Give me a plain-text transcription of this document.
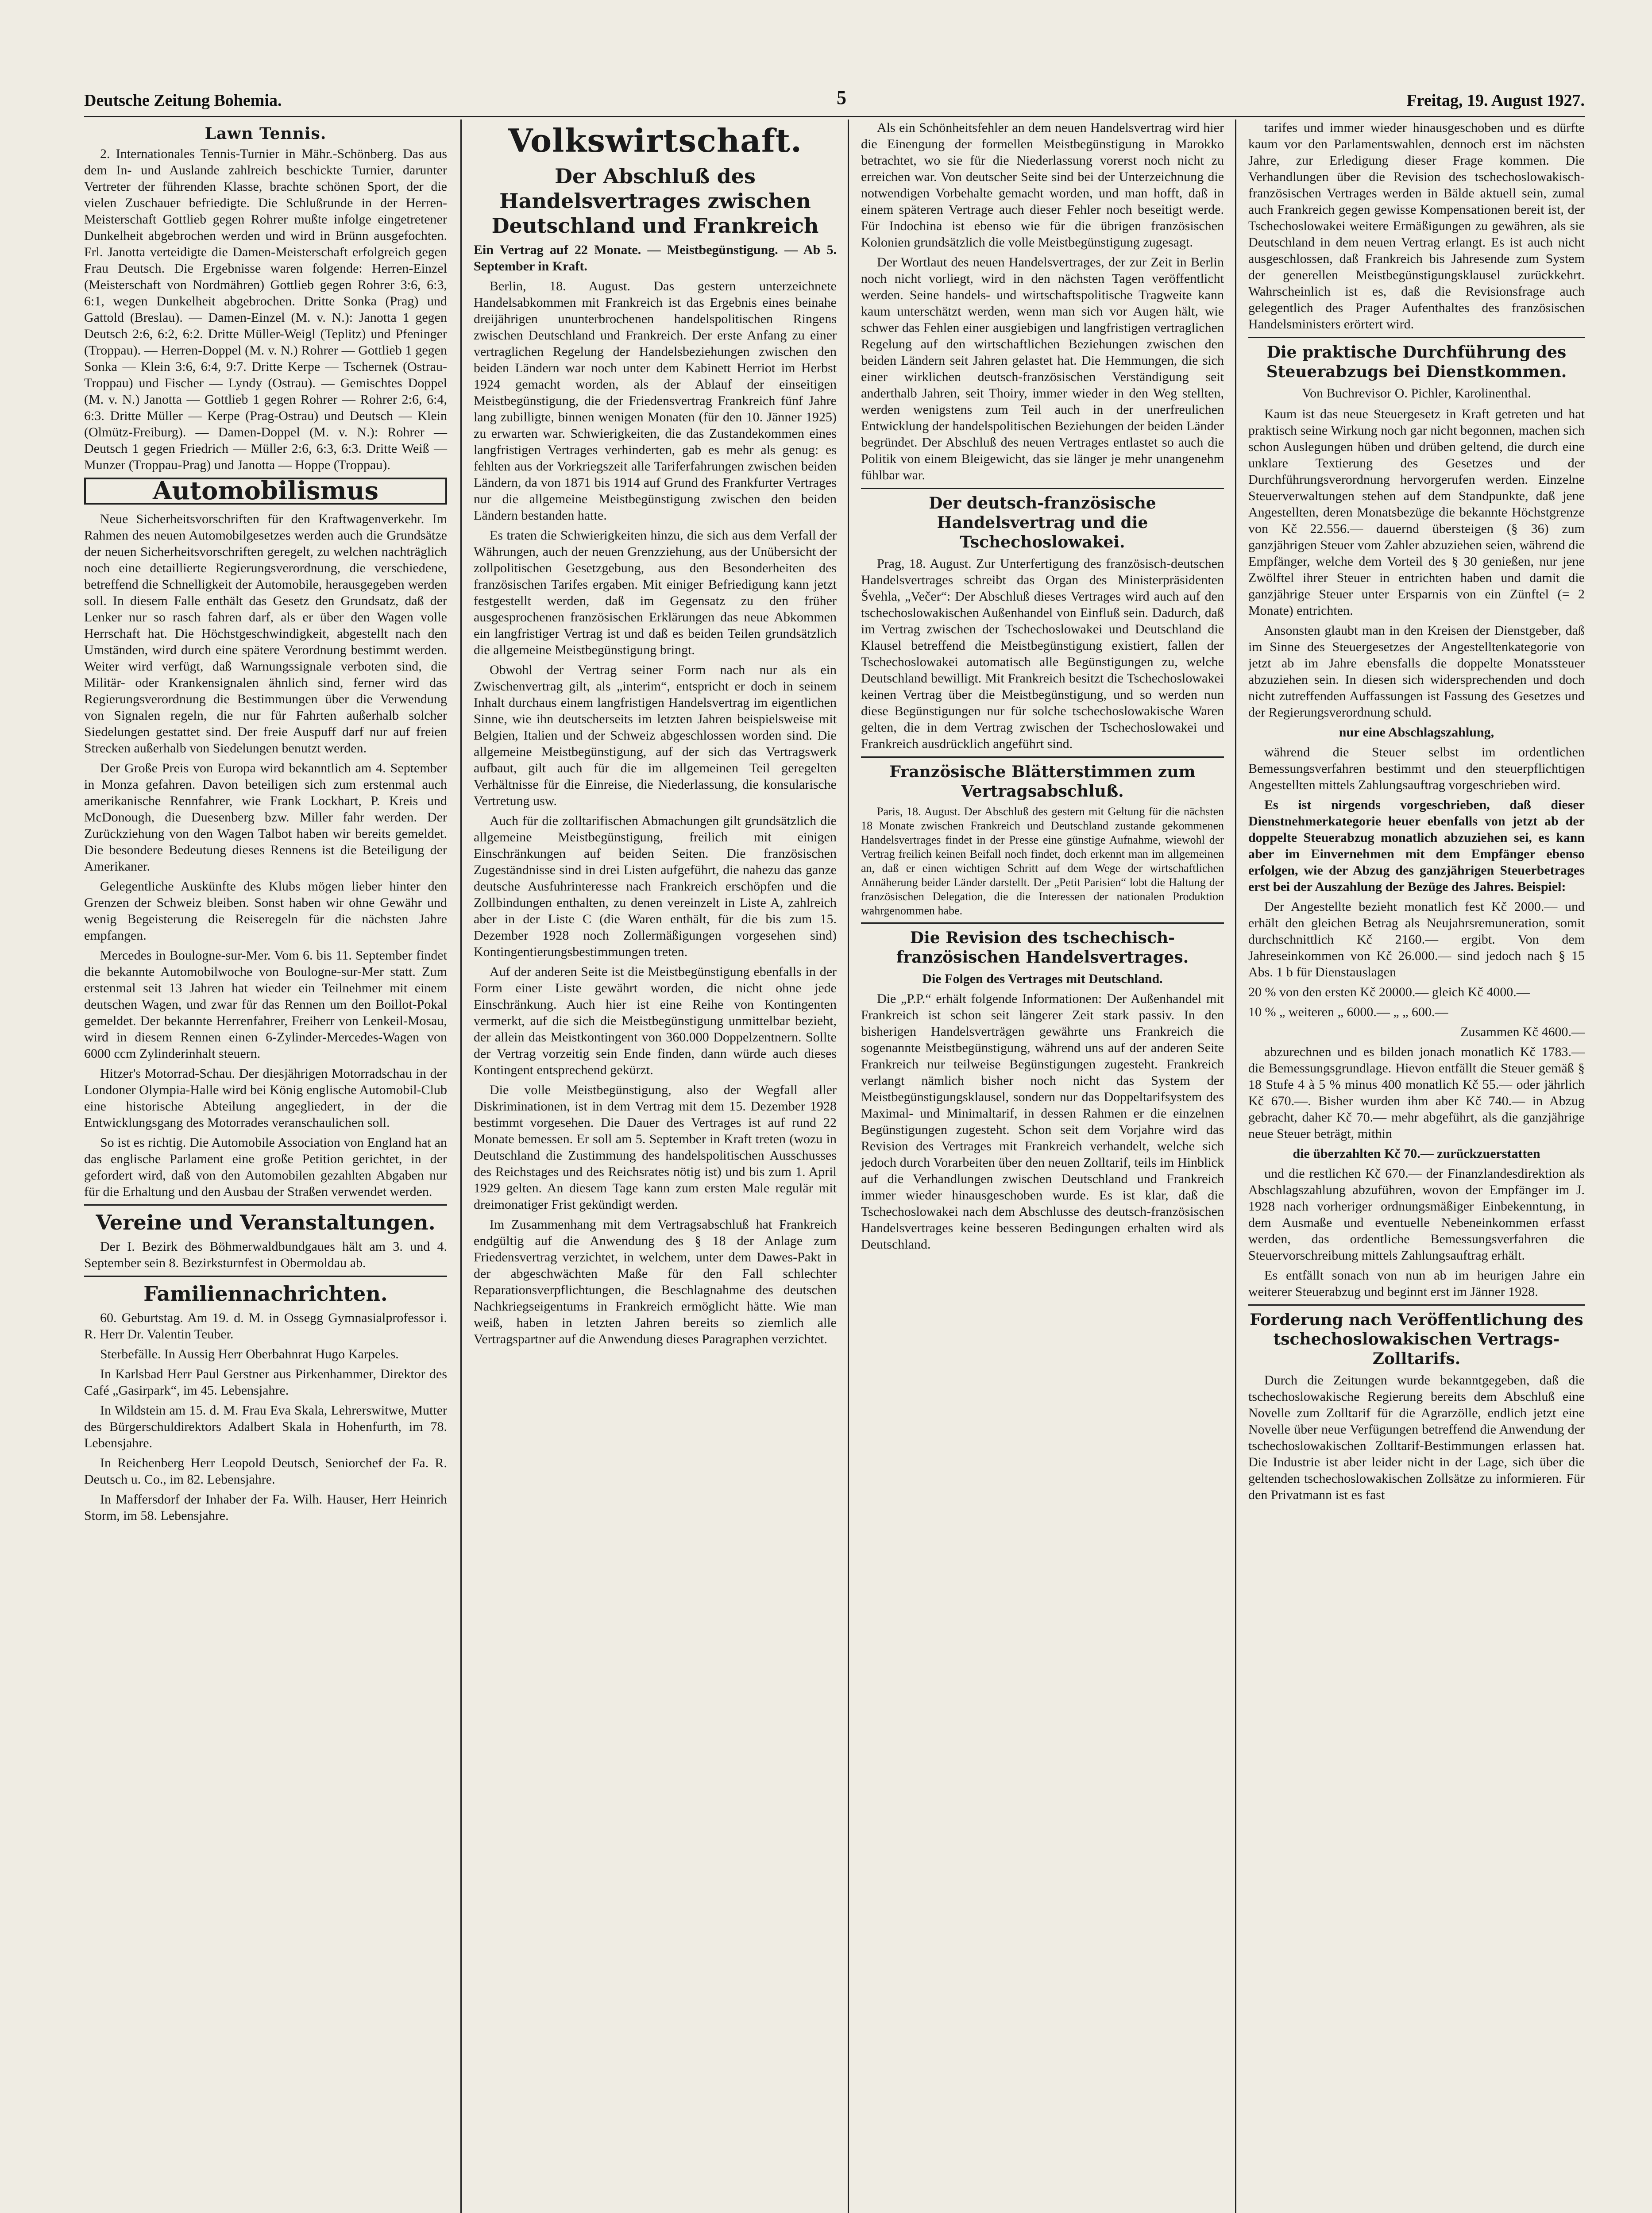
Deutsche Zeitung Bohemia.	5	Freitag, 19. August 1927.
Lawn Tennis.

2. Internationales Tennis-Turnier in Mähr.-Schönberg. Das aus dem In- und Auslande zahlreich beschickte Turnier, darunter Vertreter der führenden Klasse, brachte schönen Sport, der die vielen Zuschauer befriedigte. Die Schlußrunde in der Herren-Meisterschaft Gottlieb gegen Rohrer mußte infolge eingetretener Dunkelheit abgebrochen werden und wird in Brünn ausgefochten. Frl. Janotta verteidigte die Damen-Meisterschaft erfolgreich gegen Frau Deutsch. Die Ergebnisse waren folgende: Herren-Einzel (Meisterschaft von Nordmähren) Gottlieb gegen Rohrer 3:6, 6:3, 6:1, wegen Dunkelheit abgebrochen. Dritte Sonka (Prag) und Gattold (Breslau). — Damen-Einzel (M. v. N.): Janotta 1 gegen Deutsch 2:6, 6:2, 6:2. Dritte Müller-Weigl (Teplitz) und Pfeninger (Troppau). — Herren-Doppel (M. v. N.) Rohrer — Gottlieb 1 gegen Sonka — Klein 3:6, 6:4, 9:7. Dritte Kerpe — Tschernek (Ostrau-Troppau) und Fischer — Lyndy (Ostrau). — Gemischtes Doppel (M. v. N.) Janotta — Gottlieb 1 gegen Rohrer — Rohrer 2:6, 6:4, 6:3. Dritte Müller — Kerpe (Prag-Ostrau) und Deutsch — Klein (Olmütz-Freiburg). — Damen-Doppel (M. v. N.): Rohrer — Deutsch 1 gegen Friedrich — Müller 2:6, 6:3, 6:3. Dritte Weiß — Munzer (Troppau-Prag) und Janotta — Hoppe (Troppau).

Automobilismus

Neue Sicherheitsvorschriften für den Kraftwagenverkehr. Im Rahmen des neuen Automobilgesetzes werden auch die Grundsätze der neuen Sicherheitsvorschriften geregelt, zu welchen nachträglich noch eine detaillierte Regierungsverordnung, die verschiedene, betreffend die Schnelligkeit der Automobile, herausgegeben werden soll. In diesem Falle enthält das Gesetz den Grundsatz, daß der Lenker nur so rasch fahren darf, als er über den Wagen volle Herrschaft hat. Die Höchstgeschwindigkeit, abgestellt nach den Umständen, wird durch eine spätere Verordnung bestimmt werden. Weiter wird verfügt, daß Warnungssignale verboten sind, die Militär- oder Krankensignalen ähnlich sind, ferner wird das Regierungsverordnung die Bestimmungen über die Verwendung von Signalen regeln, die nur für Fahrten außerhalb solcher Siedelungen gestattet sind. Der freie Auspuff darf nur auf freien Strecken außerhalb von Siedelungen benutzt werden.

Der Große Preis von Europa wird bekanntlich am 4. September in Monza gefahren. Davon beteiligen sich zum erstenmal auch amerikanische Rennfahrer, wie Frank Lockhart, P. Kreis und McDonough, die Duesenberg bzw. Miller fahr werden. Der Zurückziehung von den Wagen Talbot haben wir bereits gemeldet. Die besondere Bedeutung dieses Rennens ist die Beteiligung der Amerikaner.

Gelegentliche Auskünfte des Klubs mögen lieber hinter den Grenzen der Schweiz bleiben. Sonst haben wir ohne Gewähr und wenig Begeisterung die Reiseregeln für die nächsten Jahre empfangen.

Mercedes in Boulogne-sur-Mer. Vom 6. bis 11. September findet die bekannte Automobilwoche von Boulogne-sur-Mer statt. Zum erstenmal seit 13 Jahren hat wieder ein Teilnehmer mit einem deutschen Wagen, und zwar für das Rennen um den Boillot-Pokal gemeldet. Der bekannte Herrenfahrer, Freiherr von Lenkeil-Mosau, wird in diesem Rennen einen 6-Zylinder-Mercedes-Wagen von 6000 ccm Zylinderinhalt steuern.

Hitzer's Motorrad-Schau. Der diesjährigen Motorradschau in der Londoner Olympia-Halle wird bei König englische Automobil-Club eine historische Abteilung angegliedert, in der die Entwicklungsgang des Motorrades veranschaulichen soll.

So ist es richtig. Die Automobile Association von England hat an das englische Parlament eine große Petition gerichtet, in der gefordert wird, daß von den Automobilen gezahlten Abgaben nur für die Erhaltung und den Ausbau der Straßen verwendet werden.

Vereine und Veranstaltungen.

Der I. Bezirk des Böhmerwaldbundgaues hält am 3. und 4. September sein 8. Bezirksturnfest in Obermoldau ab.

Familiennachrichten.

60. Geburtstag. Am 19. d. M. in Ossegg Gymnasialprofessor i. R. Herr Dr. Valentin Teuber.

Sterbefälle. In Aussig Herr Oberbahnrat Hugo Karpeles.

In Karlsbad Herr Paul Gerstner aus Pirkenhammer, Direktor des Café „Gasirpark“, im 45. Lebensjahre.

In Wildstein am 15. d. M. Frau Eva Skala, Lehrerswitwe, Mutter des Bürgerschuldirektors Adalbert Skala in Hohenfurth, im 78. Lebensjahre.

In Reichenberg Herr Leopold Deutsch, Seniorchef der Fa. R. Deutsch u. Co., im 82. Lebensjahre.

In Maffersdorf der Inhaber der Fa. Wilh. Hauser, Herr Heinrich Storm, im 58. Lebensjahre.

Volkswirtschaft.
Der Abschluß des Handelsvertrages zwischen Deutschland und Frankreich

Ein Vertrag auf 22 Monate. — Meistbegünstigung. — Ab 5. September in Kraft.

Berlin, 18. August. Das gestern unterzeichnete Handelsabkommen mit Frankreich ist das Ergebnis eines beinahe dreijährigen ununterbrochenen handelspolitischen Ringens zwischen Deutschland und Frankreich. Der erste Anfang zu einer vertraglichen Regelung der Handelsbeziehungen zwischen den beiden Ländern war noch unter dem Kabinett Herriot im Herbst 1924 gemacht worden, als der Ablauf der einseitigen Meistbegünstigung, die der Friedensvertrag Frankreich fünf Jahre lang zubilligte, binnen wenigen Monaten (für den 10. Jänner 1925) zu erwarten war. Schwierigkeiten, die das Zustandekommen eines langfristigen Vertrages verhinderten, gab es mehr als genug: es fehlten aus der Vorkriegszeit alle Tariferfahrungen zwischen beiden Ländern, da von 1871 bis 1914 auf Grund des Frankfurter Vertrages nur die allgemeine Meistbegünstigung zwischen den beiden Ländern bestanden hatte.

Es traten die Schwierigkeiten hinzu, die sich aus dem Verfall der Währungen, auch der neuen Grenzziehung, aus der Unübersicht der zollpolitischen Gesetzgebung, aus den Besonderheiten des französischen Tarifes ergaben. Mit einiger Befriedigung kann jetzt festgestellt werden, daß im Gegensatz zu den früher ausgesprochenen französischen Erklärungen das neue Abkommen ein langfristiger Vertrag ist und daß es beiden Teilen grundsätzlich die allgemeine Meistbegünstigung bringt.

Obwohl der Vertrag seiner Form nach nur als ein Zwischenvertrag gilt, als „interim“, entspricht er doch in seinem Inhalt durchaus einem langfristigen Handelsvertrag im eigentlichen Sinne, wie ihn deutscherseits im letzten Jahren beispielsweise mit Belgien, Italien und der Schweiz abgeschlossen worden sind. Die allgemeine Meistbegünstigung, auf der sich das Vertragswerk aufbaut, gilt auch für die im allgemeinen Teil geregelten Verhältnisse für die Einreise, die Niederlassung, die konsularische Vertretung usw.

Auch für die zolltarifischen Abmachungen gilt grundsätzlich die allgemeine Meistbegünstigung, freilich mit einigen Einschränkungen auf beiden Seiten. Die französischen Zugeständnisse sind in drei Listen aufgeführt, die nahezu das ganze deutsche Ausfuhrinteresse nach Frankreich erschöpfen und die Zollbindungen enthalten, zu denen vereinzelt in Liste A, zahlreich aber in der Liste C (die Waren enthält, für die bis zum 15. Dezember 1928 noch Zollermäßigungen vorgesehen sind) Kontingentierungsbestimmungen treten.

Auf der anderen Seite ist die Meistbegünstigung ebenfalls in der Form einer Liste gewährt worden, die nicht ohne jede Einschränkung. Auch hier ist eine Reihe von Kontingenten vermerkt, auf die sich die Meistbegünstigung unmittelbar bezieht, der allein das Meistkontingent von 360.000 Doppelzentnern. Sollte der Vertrag vorzeitig sein Ende finden, dann würde auch dieses Kontingent entsprechend gekürzt.

Die volle Meistbegünstigung, also der Wegfall aller Diskriminationen, ist in dem Vertrag mit dem 15. Dezember 1928 bestimmt vorgesehen. Die Dauer des Vertrages ist auf rund 22 Monate bemessen. Er soll am 5. September in Kraft treten (wozu in Deutschland die Zustimmung des handelspolitischen Ausschusses des Reichstages und des Reichsrates nötig ist) und bis zum 1. April 1929 gelten. An diesem Tage kann zum ersten Male regulär mit dreimonatiger Frist gekündigt werden.

Im Zusammenhang mit dem Vertragsabschluß hat Frankreich endgültig auf die Anwendung des § 18 der Anlage zum Friedensvertrag verzichtet, in welchem, unter dem Dawes-Pakt in der abgeschwächten Maße für den Fall schlechter Reparationsverpflichtungen, die Beschlagnahme des deutschen Nachkriegseigentums in Frankreich ermöglicht hätte. Wie man weiß, haben in letzten Jahren bereits so ziemlich alle Vertragspartner auf die Anwendung dieses Paragraphen verzichtet.

Als ein Schönheitsfehler an dem neuen Handelsvertrag wird hier die Einengung der formellen Meistbegünstigung in Marokko betrachtet, wo sie für die Niederlassung vorerst noch nicht zu erreichen war. Von deutscher Seite sind bei der Unterzeichnung die notwendigen Vorbehalte gemacht worden, und man hofft, daß in einem späteren Vertrage auch dieser Fehler noch beseitigt werde. Für Indochina ist ebenso wie für die übrigen französischen Kolonien grundsätzlich die volle Meistbegünstigung zugesagt.

Der Wortlaut des neuen Handelsvertrages, der zur Zeit in Berlin noch nicht vorliegt, wird in den nächsten Tagen veröffentlicht werden. Seine handels- und wirtschaftspolitische Tragweite kann kaum unterschätzt werden, wenn man sich vor Augen hält, wie schwer das Fehlen einer ausgiebigen und langfristigen vertraglichen Regelung auf den wirtschaftlichen Beziehungen zwischen den beiden Ländern seit Jahren gelastet hat. Die Hemmungen, die sich einer wirklichen deutsch-französischen Verständigung seit anderthalb Jahren, seit Thoiry, immer wieder in den Weg stellten, werden wenigstens zum Teil auch in der unerfreulichen Entwicklung der handelspolitischen Beziehungen der beiden Länder begründet. Der Abschluß des neuen Vertrages entlastet so auch die Politik von einem Bleigewicht, das sie länger je mehr unangenehm fühlbar war.

Der deutsch-französische Handelsvertrag und die Tschechoslowakei.

Prag, 18. August. Zur Unterfertigung des französisch-deutschen Handelsvertrages schreibt das Organ des Ministerpräsidenten Švehla, „Večer“: Der Abschluß dieses Vertrages wird auch auf den tschechoslowakischen Außenhandel von Einfluß sein. Dadurch, daß im Vertrag zwischen der Tschechoslowakei und Deutschland die Klausel betreffend die Meistbegünstigung existiert, fallen der Tschechoslowakei automatisch alle Begünstigungen zu, welche Deutschland bewilligt. Mit Frankreich besitzt die Tschechoslowakei keinen Vertrag über die Meistbegünstigung, und so werden nun diese Begünstigungen nur für solche tschechoslowakische Waren gelten, die in dem Vertrag zwischen der Tschechoslowakei und Frankreich ausdrücklich angeführt sind.

Französische Blätterstimmen zum Vertragsabschluß.

Paris, 18. August. Der Abschluß des gestern mit Geltung für die nächsten 18 Monate zwischen Frankreich und Deutschland zustande gekommenen Handelsvertrages findet in der Presse eine günstige Aufnahme, wiewohl der Vertrag freilich keinen Beifall noch findet, doch erkennt man im allgemeinen an, daß er einen wichtigen Schritt auf dem Wege der wirtschaftlichen Annäherung beider Länder darstellt. Der „Petit Parisien“ lobt die Haltung der französischen Delegation, die die Interessen der nationalen Produktion wahrgenommen habe.

Die Revision des tschechisch-französischen Handelsvertrages.

Die Folgen des Vertrages mit Deutschland.

Die „P.P.“ erhält folgende Informationen: Der Außenhandel mit Frankreich ist schon seit längerer Zeit stark passiv. In den bisherigen Handelsverträgen gewährte uns Frankreich die sogenannte Meistbegünstigung, während uns auf der anderen Seite Frankreich nur teilweise Begünstigungen zugesteht. Frankreich verlangt nämlich bisher noch nicht das System der Meistbegünstigungsklausel, sondern nur das Doppeltarifsystem des Maximal- und Minimaltarif, in dessen Rahmen er die einzelnen Begünstigungen zugesteht. Schon seit dem Vorjahre wird das Revision des Vertrages mit Frankreich verhandelt, welche sich jedoch durch Vorarbeiten über den neuen Zolltarif, teils im Hinblick auf die Verhandlungen zwischen Deutschland und Frankreich immer wieder hinausgeschoben wurde. Es ist klar, daß die Tschechoslowakei nach dem Abschlusse des deutsch-französischen Handelsvertrages keine besseren Bedingungen erhalten wird als Deutschland.

tarifes und immer wieder hinausgeschoben und es dürfte kaum vor den Parlamentswahlen, dennoch erst im nächsten Jahre, zur Erledigung dieser Frage kommen. Die Verhandlungen über die Revision des tschechoslowakisch-französischen Vertrages werden in Bälde aktuell sein, zumal auch Frankreich gegen gewisse Kompensationen bereit ist, der Tschechoslowakei weitere Ermäßigungen zu gewähren, als sie Deutschland in dem neuen Vertrag erlangt. Es ist auch nicht ausgeschlossen, daß Frankreich bis Jahresende zum System der generellen Meistbegünstigungsklausel zurückkehrt. Wahrscheinlich ist es, daß die Revisionsfrage auch gelegentlich des Prager Aufenthaltes des französischen Handelsministers erörtert wird.

Die praktische Durchführung des Steuerabzugs bei Dienstkommen.
Von Buchrevisor O. Pichler, Karolinenthal.

Kaum ist das neue Steuergesetz in Kraft getreten und hat praktisch seine Wirkung noch gar nicht begonnen, machen sich schon Auslegungen hüben und drüben geltend, die durch eine unklare Textierung des Gesetzes und der Durchführungsverordnung hervorgerufen werden. Einzelne Steuerverwaltungen stehen auf dem Standpunkte, daß jene Angestellten, deren Monatsbezüge die bekannte Höchstgrenze von Kč 22.556.— dauernd übersteigen (§ 36) zum ganzjährigen Steuer vom Zahler abzuziehen seien, während die Empfänger, welche dem Vorteil des § 30 genießen, nur jene Zwölftel ihrer Steuer in entrichten haben und damit die ganzjährige Steuer unter Ersparnis von ein Zünftel (= 2 Monate) entrichten.

Ansonsten glaubt man in den Kreisen der Dienstgeber, daß im Sinne des Steuergesetzes der Angestelltenkategorie von jetzt ab im Jahre ebensfalls die doppelte Monatssteuer abzuziehen sein. In diesen sich widersprechenden und doch nicht zutreffenden Auffassungen ist Fassung des Gesetzes und der Regierungsverordnung schuld.

nur eine Abschlagszahlung,

während die Steuer selbst im ordentlichen Bemessungsverfahren bestimmt und den steuerpflichtigen Angestellten mittels Zahlungsauftrag vorgeschrieben wird.

Es ist nirgends vorgeschrieben, daß dieser Dienstnehmerkategorie heuer ebenfalls von jetzt ab der doppelte Steuerabzug monatlich abzuziehen sei, es kann aber im Einvernehmen mit dem Empfänger ebenso erfolgen, wie der Abzug des ganzjährigen Steuerbetrages erst bei der Auszahlung der Bezüge des Jahres. Beispiel:

Der Angestellte bezieht monatlich fest Kč 2000.— und erhält den gleichen Betrag als Neujahrsremuneration, somit durchschnittlich Kč 2160.— ergibt. Von dem Jahreseinkommen von Kč 26.000.— sind jedoch nach § 15 Abs. 1 b für Dienstauslagen

20 % von den ersten Kč 20000.— gleich Kč 4000.—

10 % „ weiteren „ 6000.— „ „ 600.—

Zusammen Kč 4600.—

abzurechnen und es bilden jonach monatlich Kč 1783.— die Bemessungsgrundlage. Hievon entfällt die Steuer gemäß § 18 Stufe 4 à 5 % minus 400 monatlich Kč 55.— oder jährlich Kč 670.—. Bisher wurden ihm aber Kč 740.— in Abzug gebracht, daher Kč 70.— mehr abgeführt, als die ganzjährige neue Steuer beträgt, mithin

die überzahlten Kč 70.— zurückzuerstatten

und die restlichen Kč 670.— der Finanzlandesdirektion als Abschlagszahlung abzuführen, wovon der Empfänger im J. 1928 nach vorheriger ordnungsmäßiger Einbekenntung, in dem Ausmaße und eventuelle Nebeneinkommen erfasst werden, das ordentliche Bemessungsverfahren die Steuervorschreibung mittels Zahlungsauftrag erhält.

Es entfällt sonach von nun ab im heurigen Jahre ein weiterer Steuerabzug und beginnt erst im Jänner 1928.

Forderung nach Veröffentlichung des tschechoslowakischen Vertrags-Zolltarifs.

Durch die Zeitungen wurde bekanntgegeben, daß die tschechoslowakische Regierung bereits dem Abschluß eine Novelle zum Zolltarif für die Agrarzölle, endlich jetzt eine Novelle über neue Verfügungen betreffend die Anwendung der tschechoslowakischen Zolltarif-Bestimmungen erlassen hat. Die Industrie ist aber leider nicht in der Lage, sich über die geltenden tschechoslowakischen Zollsätze zu informieren. Für den Privatmann ist es fast
